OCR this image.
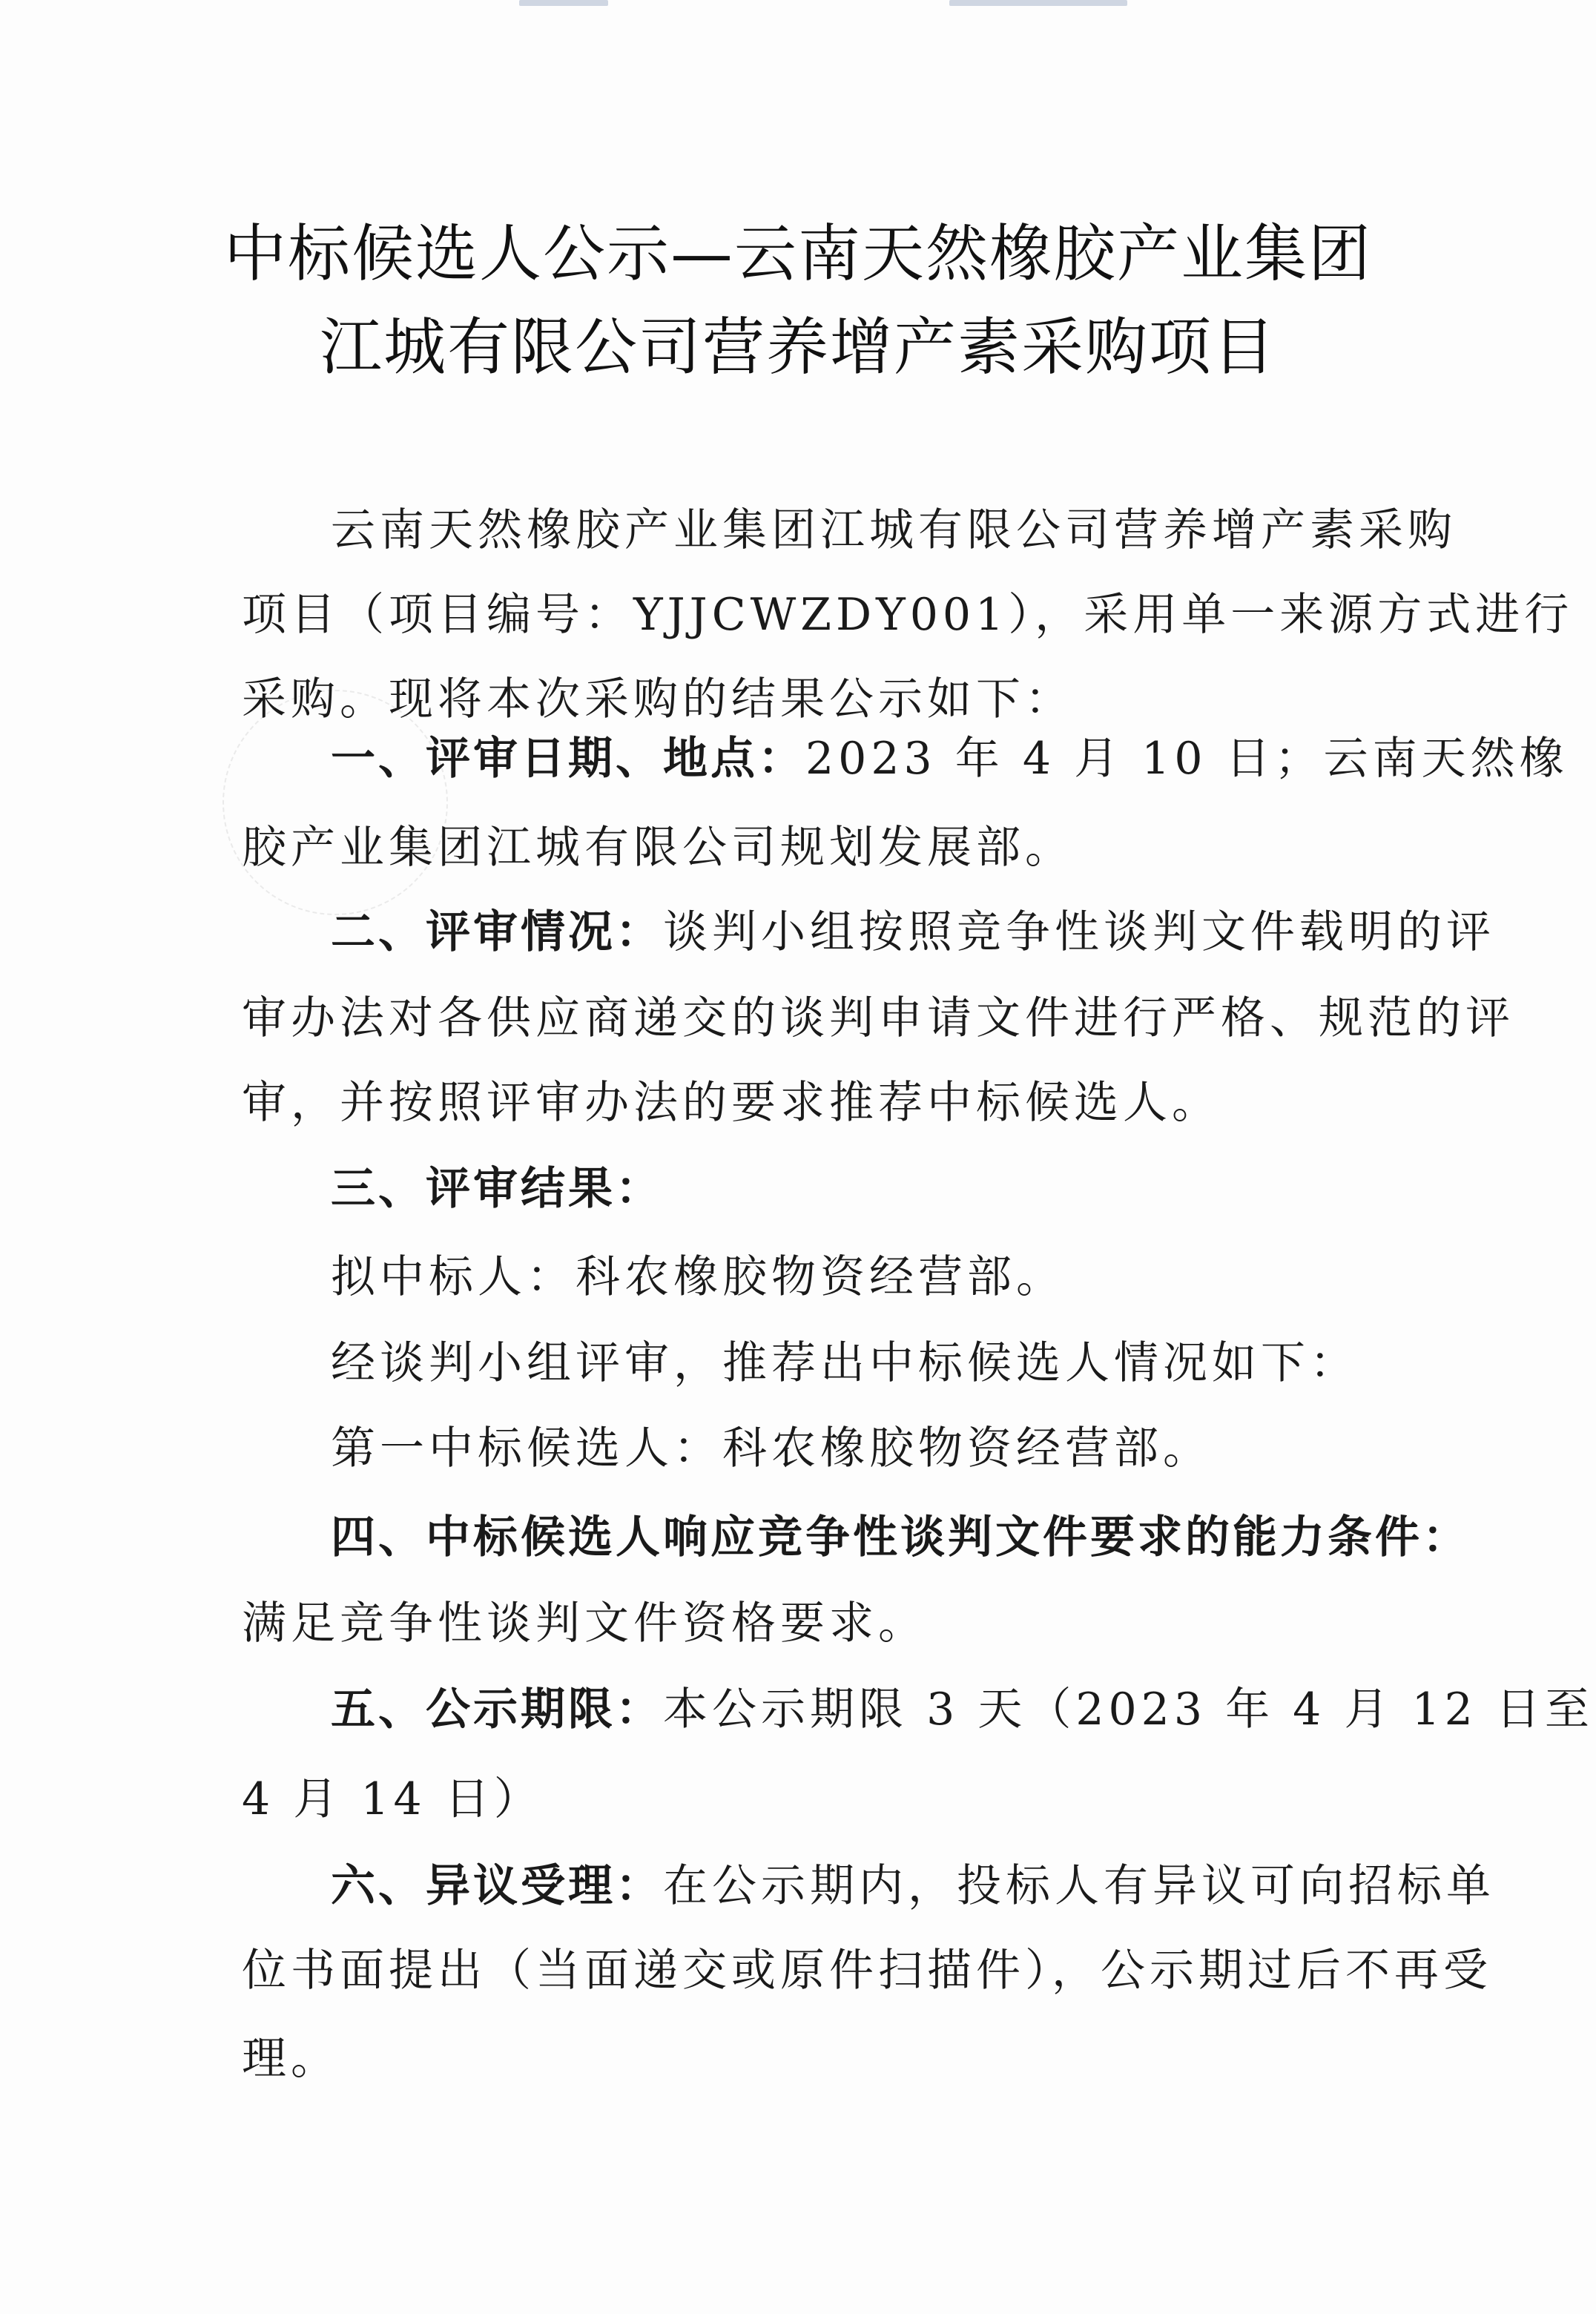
中标候选人公示—云南天然橡胶产业集团
江城有限公司营养增产素采购项目
云南天然橡胶产业集团江城有限公司营养增产素采购
项目（项目编号：YJJCWZDY001），采用单一来源方式进行
采购。现将本次采购的结果公示如下：
一、评审日期、地点：2023 年 4 月 10 日；云南天然橡
胶产业集团江城有限公司规划发展部。
二、评审情况：谈判小组按照竞争性谈判文件载明的评
审办法对各供应商递交的谈判申请文件进行严格、规范的评
审，并按照评审办法的要求推荐中标候选人。
三、评审结果：
拟中标人：科农橡胶物资经营部。
经谈判小组评审，推荐出中标候选人情况如下：
第一中标候选人：科农橡胶物资经营部。
四、中标候选人响应竞争性谈判文件要求的能力条件：
满足竞争性谈判文件资格要求。
五、公示期限：本公示期限 3 天（2023 年 4 月 12 日至
4 月 14 日）
六、异议受理：在公示期内，投标人有异议可向招标单
位书面提出（当面递交或原件扫描件），公示期过后不再受
理。
